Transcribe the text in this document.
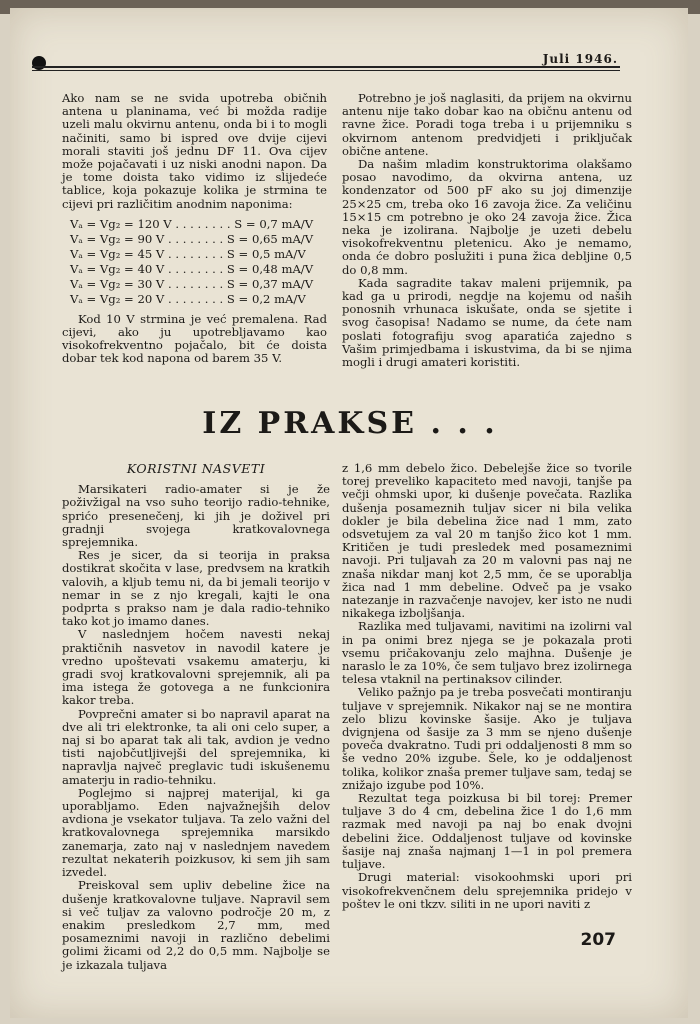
Juli 1946.

Ako nam se ne svida upotreba običnih antena u planinama, već bi možda radije uzeli malu okvirnu antenu, onda bi i to mogli načiniti, samo bi ispred ove dvije cijevi morali staviti još jednu DF 11. Ova cijev može pojačavati i uz niski anodni napon. Da je tome doista tako vidimo iz slijedeće tablice, koja pokazuje kolika je strmina te cijevi pri različitim anodnim naponima:

Vₐ = Vg₂ = 120 V . . . . . . . . S = 0,7 mA/V
Vₐ = Vg₂ = 90 V . . . . . . . . S = 0,65 mA/V
Vₐ = Vg₂ = 45 V . . . . . . . . S = 0,5 mA/V
Vₐ = Vg₂ = 40 V . . . . . . . . S = 0,48 mA/V
Vₐ = Vg₂ = 30 V . . . . . . . . S = 0,37 mA/V
Vₐ = Vg₂ = 20 V . . . . . . . . S = 0,2 mA/V

Kod 10 V strmina je već premalena. Rad cijevi, ako ju upotrebljavamo kao visokofrekventno pojačalo, bit će doista dobar tek kod napona od barem 35 V.

Potrebno je još naglasiti, da prijem na okvirnu antenu nije tako dobar kao na običnu antenu od ravne žice. Poradi toga treba i u prijemniku s okvirnom antenom predvidjeti i priključak obične antene.

Da našim mladim konstruktorima olakšamo posao navodimo, da okvirna antena, uz kondenzator od 500 pF ako su joj dimenzije 25×25 cm, treba oko 16 zavoja žice. Za veličinu 15×15 cm potrebno je oko 24 zavoja žice. Žica neka je izolirana. Najbolje je uzeti debelu visokofrekventnu pleteniсu. Ako je nemamo, onda će dobro poslužiti i puna žica debljine 0,5 do 0,8 mm.

Kada sagradite takav maleni prijemnik, pa kad ga u prirodi, negdje na kojemu od naših ponosnih vrhunaca iskušate, onda se sjetite i svog časopisa! Nadamo se nume, da ćete nam poslati fotografiju svog aparatića zajedno s Vašim primjedbama i iskustvima, da bi se njima mogli i drugi amateri koristiti.

IZ PRAKSE . . .
KORISTNI NASVETI

Marsikateri radio-amater si je že poživžigal na vso suho teorijo radio-tehnike, sprićo presenečenj, ki jih je doživel pri gradnji svojega kratkovalovnega sprejemnika.

Res je sicer, da si teorija in praksa dostikrat skočita v lase, predvsem na kratkih valovih, a kljub temu ni, da bi jemali teorijo v nemar in se z njo kregali, kajti le ona podprta s prakso nam je dala radio-tehniko tako kot jo imamo danes.

V naslednjem hočem navesti nekaj praktičnih nasvetov in navodil katere je vredno upoštevati vsakemu amaterju, ki gradi svoj kratkovalovni sprejemnik, ali pa ima istega že gotovega a ne funkcionira kakor treba.

Povprečni amater si bo napravil aparat na dve ali tri elektronke, ta ali oni celo super, a naj si bo aparat tak ali tak, avdion je vedno tisti najobčutljivejši del sprejemnika, ki napravlja največ preglavic tudi iskušenemu amaterju in radio-tehniku.

Poglejmo si najprej materijal, ki ga uporabljamo. Eden najvažnejših delov avdiona je vsekator tuljava. Ta zelo važni del kratkovalovnega sprejemnika marsikdo zanemarja, zato naj v naslednjem navedem rezultat nekaterih poizkusov, ki sem jih sam izvedel.

Preiskoval sem upliv debeline žice na dušenje kratkovalovne tuljave. Napravil sem si več tuljav za valovno področje 20 m, z enakim presledkom 2,7 mm, med posameznimi navoji in različno debelimi golimi žicami od 2,2 do 0,5 mm. Najbolje se je izkazala tuljava

z 1,6 mm debelo žico. Debelejše žice so tvorile torej preveliko kapaciteto med navoji, tanjše pa večji ohmski upor, ki dušenje povečata. Razlika dušenja posameznih tuljav sicer ni bila velika dokler je bila debelina žice nad 1 mm, zato odsvetujem za val 20 m tanjšo žico kot 1 mm. Kritičen je tudi presledek med posameznimi navoji. Pri tuljavah za 20 m valovni pas naj ne znaša nikdar manj kot 2,5 mm, če se uporablja žica nad 1 mm debeline. Odveč pa je vsako natezanje in razvačenje navojev, ker isto ne nudi nikakega izboljšanja.

Razlika med tuljavami, navitimi na izolirni val in pa onimi brez njega se je pokazala proti vsemu pričakovanju zelo majhna. Dušenje je naraslo le za 10%, če sem tuljavo brez izolirnega telesa vtaknil na pertinaksov cilinder.

Veliko pažnjo pa je treba posvečati montiranju tuljave v sprejemnik. Nikakor naj se ne montira zelo blizu kovinske šasije. Ako je tuljava dvignjena od šasije za 3 mm se njeno dušenje poveča dvakratno. Tudi pri oddaljenosti 8 mm so še vedno 20% izgube. Šele, ko je oddaljenost tolika, kolikor znaša premer tuljave sam, tedaj se znižajo izgube pod 10%.

Rezultat tega poizkusa bi bil torej: Premer tuljave 3 do 4 cm, debelina žice 1 do 1,6 mm razmak med navoji pa naj bo enak dvojni debelini žice. Oddaljenost tuljave od kovinske šasije naj znaša najmanj 1—1 in pol premera tuljave.

Drugi material: visokoohmski upori pri visokofrekvenčnem delu sprejemnika pridejo v poštev le oni tkzv. siliti in ne upori naviti z

207
